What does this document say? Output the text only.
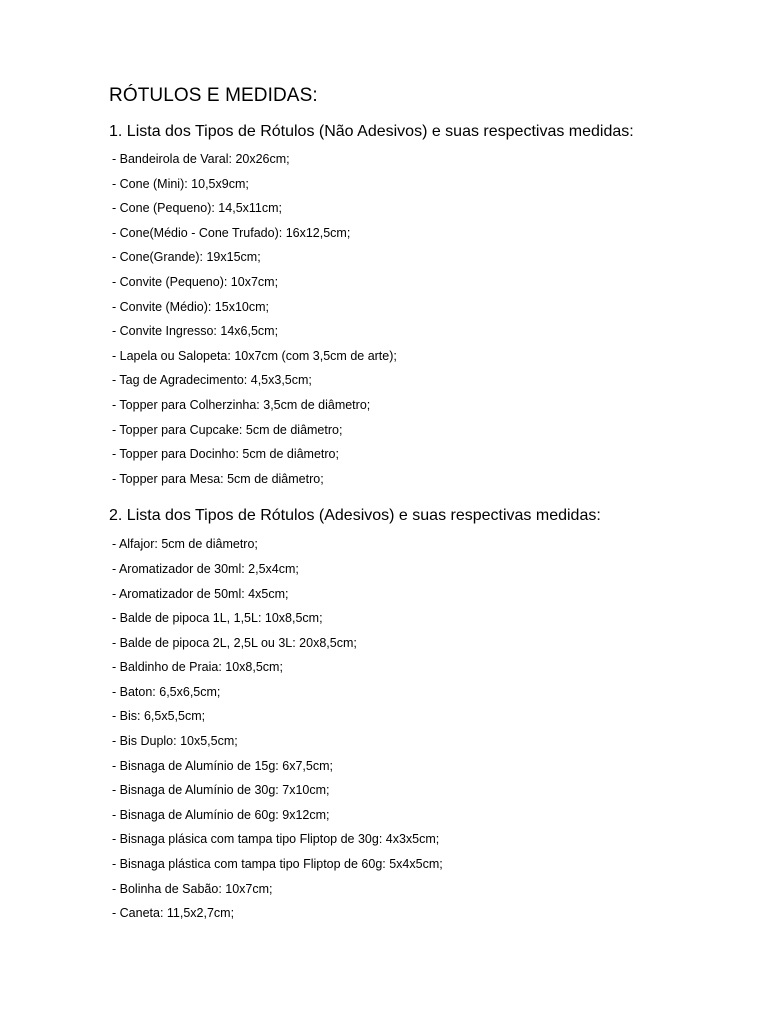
RÓTULOS E MEDIDAS:
1. Lista dos Tipos de Rótulos (Não Adesivos) e suas respectivas medidas:
- Bandeirola de Varal: 20x26cm;
- Cone (Mini): 10,5x9cm;
- Cone (Pequeno): 14,5x11cm;
- Cone(Médio - Cone Trufado): 16x12,5cm;
- Cone(Grande): 19x15cm;
- Convite (Pequeno): 10x7cm;
- Convite (Médio): 15x10cm;
- Convite Ingresso: 14x6,5cm;
- Lapela ou Salopeta: 10x7cm (com 3,5cm de arte);
- Tag de Agradecimento: 4,5x3,5cm;
- Topper para Colherzinha: 3,5cm de diâmetro;
- Topper para Cupcake: 5cm de diâmetro;
- Topper para Docinho: 5cm de diâmetro;
- Topper para Mesa: 5cm de diâmetro;
2. Lista dos Tipos de Rótulos (Adesivos) e suas respectivas medidas:
- Alfajor: 5cm de diâmetro;
- Aromatizador de 30ml: 2,5x4cm;
- Aromatizador de 50ml: 4x5cm;
- Balde de pipoca 1L, 1,5L: 10x8,5cm;
- Balde de pipoca 2L, 2,5L ou 3L: 20x8,5cm;
- Baldinho de Praia: 10x8,5cm;
- Baton: 6,5x6,5cm;
- Bis: 6,5x5,5cm;
- Bis Duplo: 10x5,5cm;
- Bisnaga de Alumínio de 15g: 6x7,5cm;
- Bisnaga de Alumínio de 30g: 7x10cm;
- Bisnaga de Alumínio de 60g: 9x12cm;
- Bisnaga plásica com tampa tipo Fliptop de 30g: 4x3x5cm;
- Bisnaga plástica com tampa tipo Fliptop de 60g: 5x4x5cm;
- Bolinha de Sabão: 10x7cm;
- Caneta: 11,5x2,7cm;
